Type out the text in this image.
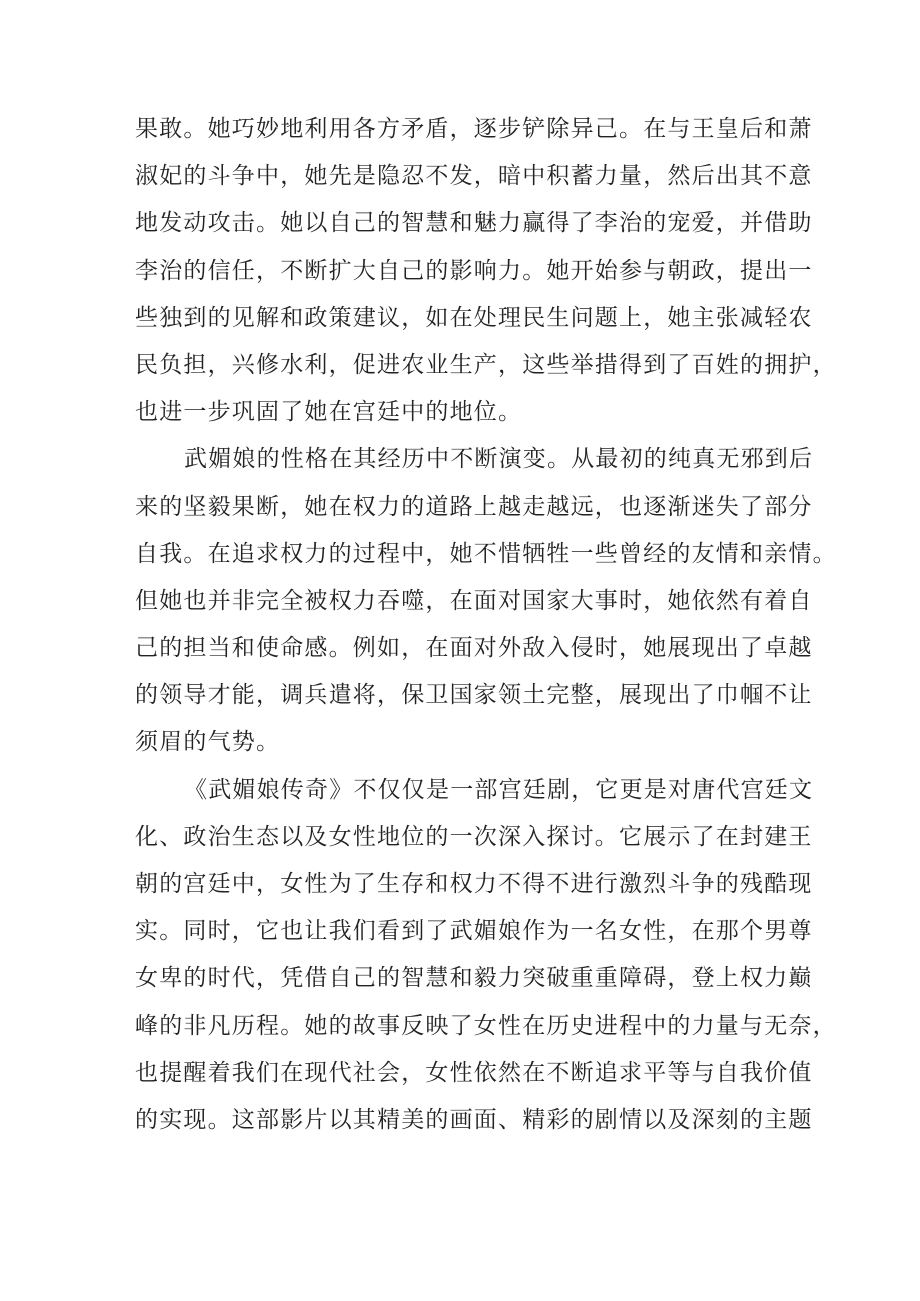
果敢。她巧妙地利用各方矛盾，逐步铲除异己。在与王皇后和萧
淑妃的斗争中，她先是隐忍不发，暗中积蓄力量，然后出其不意
地发动攻击。她以自己的智慧和魅力赢得了李治的宠爱，并借助
李治的信任，不断扩大自己的影响力。她开始参与朝政，提出一
些独到的见解和政策建议，如在处理民生问题上，她主张减轻农
民负担，兴修水利，促进农业生产，这些举措得到了百姓的拥护，
也进一步巩固了她在宫廷中的地位。
武媚娘的性格在其经历中不断演变。从最初的纯真无邪到后
来的坚毅果断，她在权力的道路上越走越远，也逐渐迷失了部分
自我。在追求权力的过程中，她不惜牺牲一些曾经的友情和亲情。
但她也并非完全被权力吞噬，在面对国家大事时，她依然有着自
己的担当和使命感。例如，在面对外敌入侵时，她展现出了卓越
的领导才能，调兵遣将，保卫国家领土完整，展现出了巾帼不让
须眉的气势。
《武媚娘传奇》不仅仅是一部宫廷剧，它更是对唐代宫廷文
化、政治生态以及女性地位的一次深入探讨。它展示了在封建王
朝的宫廷中，女性为了生存和权力不得不进行激烈斗争的残酷现
实。同时，它也让我们看到了武媚娘作为一名女性，在那个男尊
女卑的时代，凭借自己的智慧和毅力突破重重障碍，登上权力巅
峰的非凡历程。她的故事反映了女性在历史进程中的力量与无奈，
也提醒着我们在现代社会，女性依然在不断追求平等与自我价值
的实现。这部影片以其精美的画面、精彩的剧情以及深刻的主题
